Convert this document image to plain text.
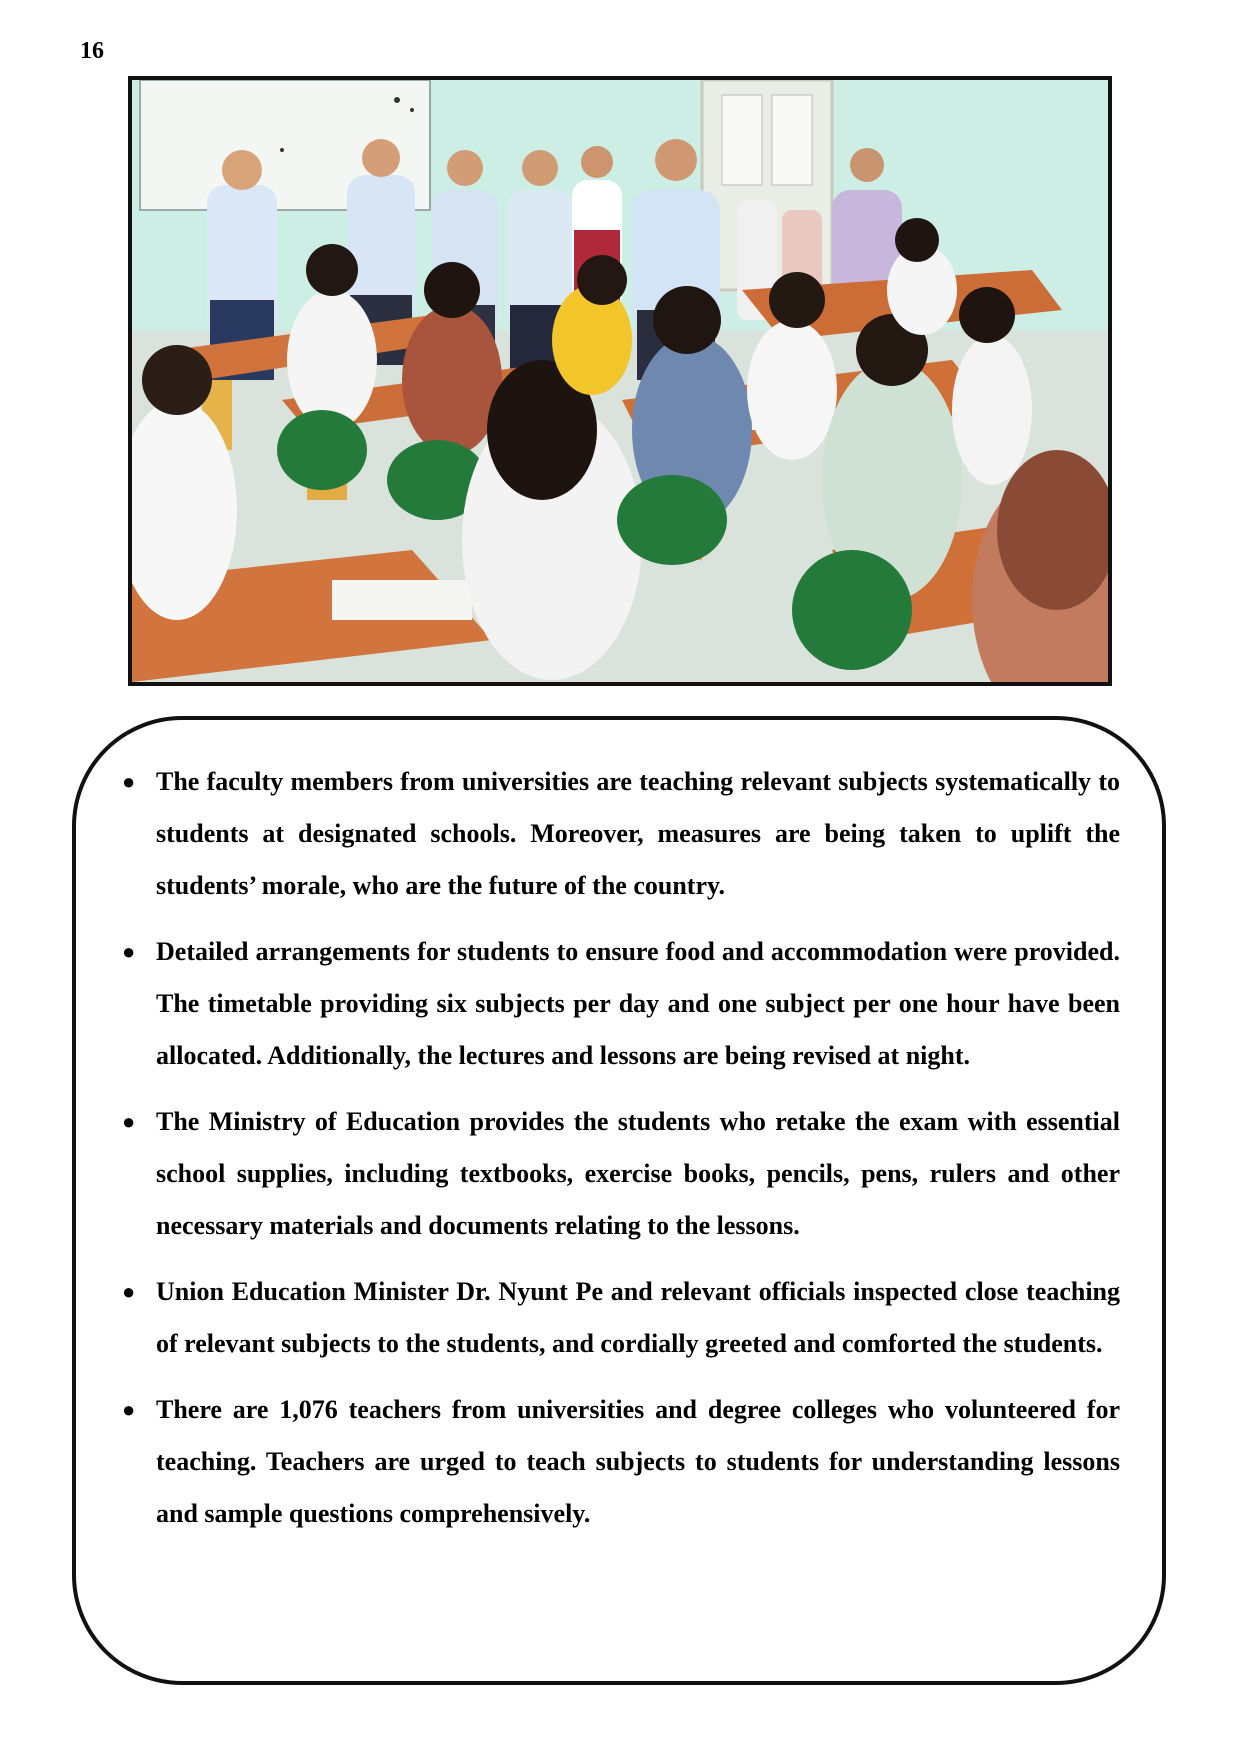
16
● The faculty members from universities are teaching relevant subjects systematically to students at designated schools. Moreover, measures are being taken to uplift the students’ morale, who are the future of the country.
● Detailed arrangements for students to ensure food and accommodation were provided. The timetable providing six subjects per day and one subject per one hour have been allocated. Additionally, the lectures and lessons are being revised at night.
● The Ministry of Education provides the students who retake the exam with essential school supplies, including textbooks, exercise books, pencils, pens, rulers and other necessary materials and documents relating to the lessons.
● Union Education Minister Dr. Nyunt Pe and relevant officials inspected close teaching of relevant subjects to the students, and cordially greeted and comforted the students.
● There are 1,076 teachers from universities and degree colleges who volunteered for teaching. Teachers are urged to teach subjects to students for understanding lessons and sample questions comprehensively.
